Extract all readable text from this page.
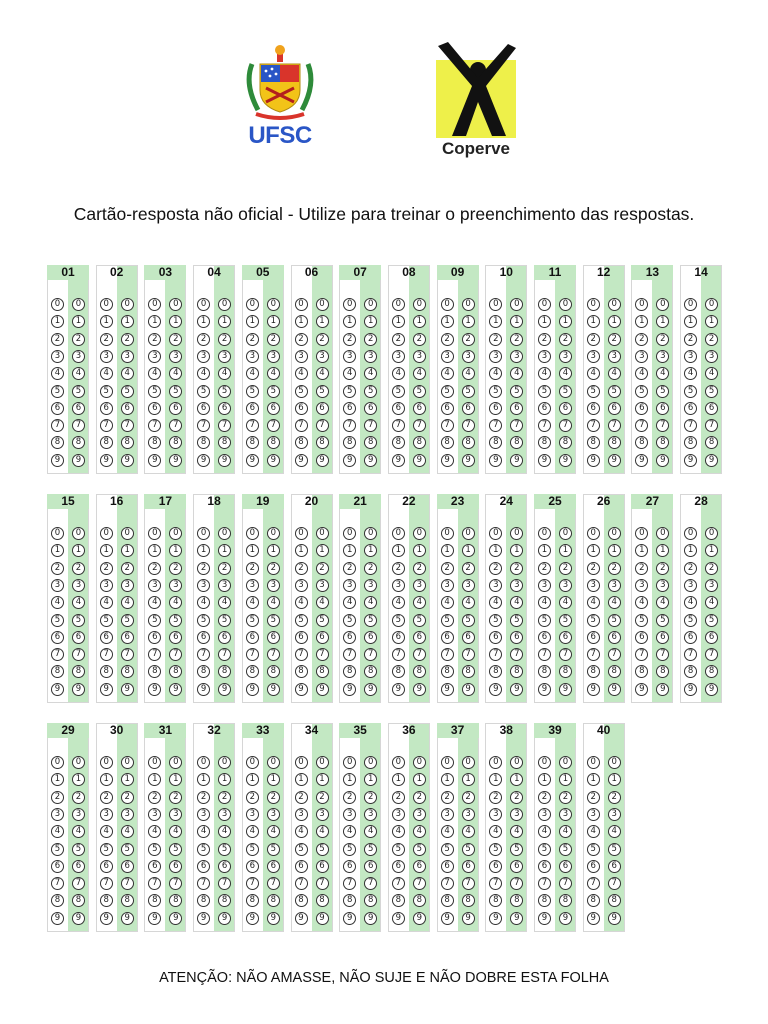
UFSC	Coperve
Cartão-resposta não oficial - Utilize para treinar o preenchimento das respostas.
01
0	0
1	1
2	2
3	3
4	4
5	5
6	6
7	7
8	8
9	9
02
0	0
1	1
2	2
3	3
4	4
5	5
6	6
7	7
8	8
9	9
03
0	0
1	1
2	2
3	3
4	4
5	5
6	6
7	7
8	8
9	9
04
0	0
1	1
2	2
3	3
4	4
5	5
6	6
7	7
8	8
9	9
05
0	0
1	1
2	2
3	3
4	4
5	5
6	6
7	7
8	8
9	9
06
0	0
1	1
2	2
3	3
4	4
5	5
6	6
7	7
8	8
9	9
07
0	0
1	1
2	2
3	3
4	4
5	5
6	6
7	7
8	8
9	9
08
0	0
1	1
2	2
3	3
4	4
5	5
6	6
7	7
8	8
9	9
09
0	0
1	1
2	2
3	3
4	4
5	5
6	6
7	7
8	8
9	9
10
0	0
1	1
2	2
3	3
4	4
5	5
6	6
7	7
8	8
9	9
11
0	0
1	1
2	2
3	3
4	4
5	5
6	6
7	7
8	8
9	9
12
0	0
1	1
2	2
3	3
4	4
5	5
6	6
7	7
8	8
9	9
13
0	0
1	1
2	2
3	3
4	4
5	5
6	6
7	7
8	8
9	9
14
0	0
1	1
2	2
3	3
4	4
5	5
6	6
7	7
8	8
9	9
15
0	0
1	1
2	2
3	3
4	4
5	5
6	6
7	7
8	8
9	9
16
0	0
1	1
2	2
3	3
4	4
5	5
6	6
7	7
8	8
9	9
17
0	0
1	1
2	2
3	3
4	4
5	5
6	6
7	7
8	8
9	9
18
0	0
1	1
2	2
3	3
4	4
5	5
6	6
7	7
8	8
9	9
19
0	0
1	1
2	2
3	3
4	4
5	5
6	6
7	7
8	8
9	9
20
0	0
1	1
2	2
3	3
4	4
5	5
6	6
7	7
8	8
9	9
21
0	0
1	1
2	2
3	3
4	4
5	5
6	6
7	7
8	8
9	9
22
0	0
1	1
2	2
3	3
4	4
5	5
6	6
7	7
8	8
9	9
23
0	0
1	1
2	2
3	3
4	4
5	5
6	6
7	7
8	8
9	9
24
0	0
1	1
2	2
3	3
4	4
5	5
6	6
7	7
8	8
9	9
25
0	0
1	1
2	2
3	3
4	4
5	5
6	6
7	7
8	8
9	9
26
0	0
1	1
2	2
3	3
4	4
5	5
6	6
7	7
8	8
9	9
27
0	0
1	1
2	2
3	3
4	4
5	5
6	6
7	7
8	8
9	9
28
0	0
1	1
2	2
3	3
4	4
5	5
6	6
7	7
8	8
9	9
29
0	0
1	1
2	2
3	3
4	4
5	5
6	6
7	7
8	8
9	9
30
0	0
1	1
2	2
3	3
4	4
5	5
6	6
7	7
8	8
9	9
31
0	0
1	1
2	2
3	3
4	4
5	5
6	6
7	7
8	8
9	9
32
0	0
1	1
2	2
3	3
4	4
5	5
6	6
7	7
8	8
9	9
33
0	0
1	1
2	2
3	3
4	4
5	5
6	6
7	7
8	8
9	9
34
0	0
1	1
2	2
3	3
4	4
5	5
6	6
7	7
8	8
9	9
35
0	0
1	1
2	2
3	3
4	4
5	5
6	6
7	7
8	8
9	9
36
0	0
1	1
2	2
3	3
4	4
5	5
6	6
7	7
8	8
9	9
37
0	0
1	1
2	2
3	3
4	4
5	5
6	6
7	7
8	8
9	9
38
0	0
1	1
2	2
3	3
4	4
5	5
6	6
7	7
8	8
9	9
39
0	0
1	1
2	2
3	3
4	4
5	5
6	6
7	7
8	8
9	9
40
0	0
1	1
2	2
3	3
4	4
5	5
6	6
7	7
8	8
9	9
ATENÇÃO: NÃO AMASSE, NÃO SUJE E NÃO DOBRE ESTA FOLHA
